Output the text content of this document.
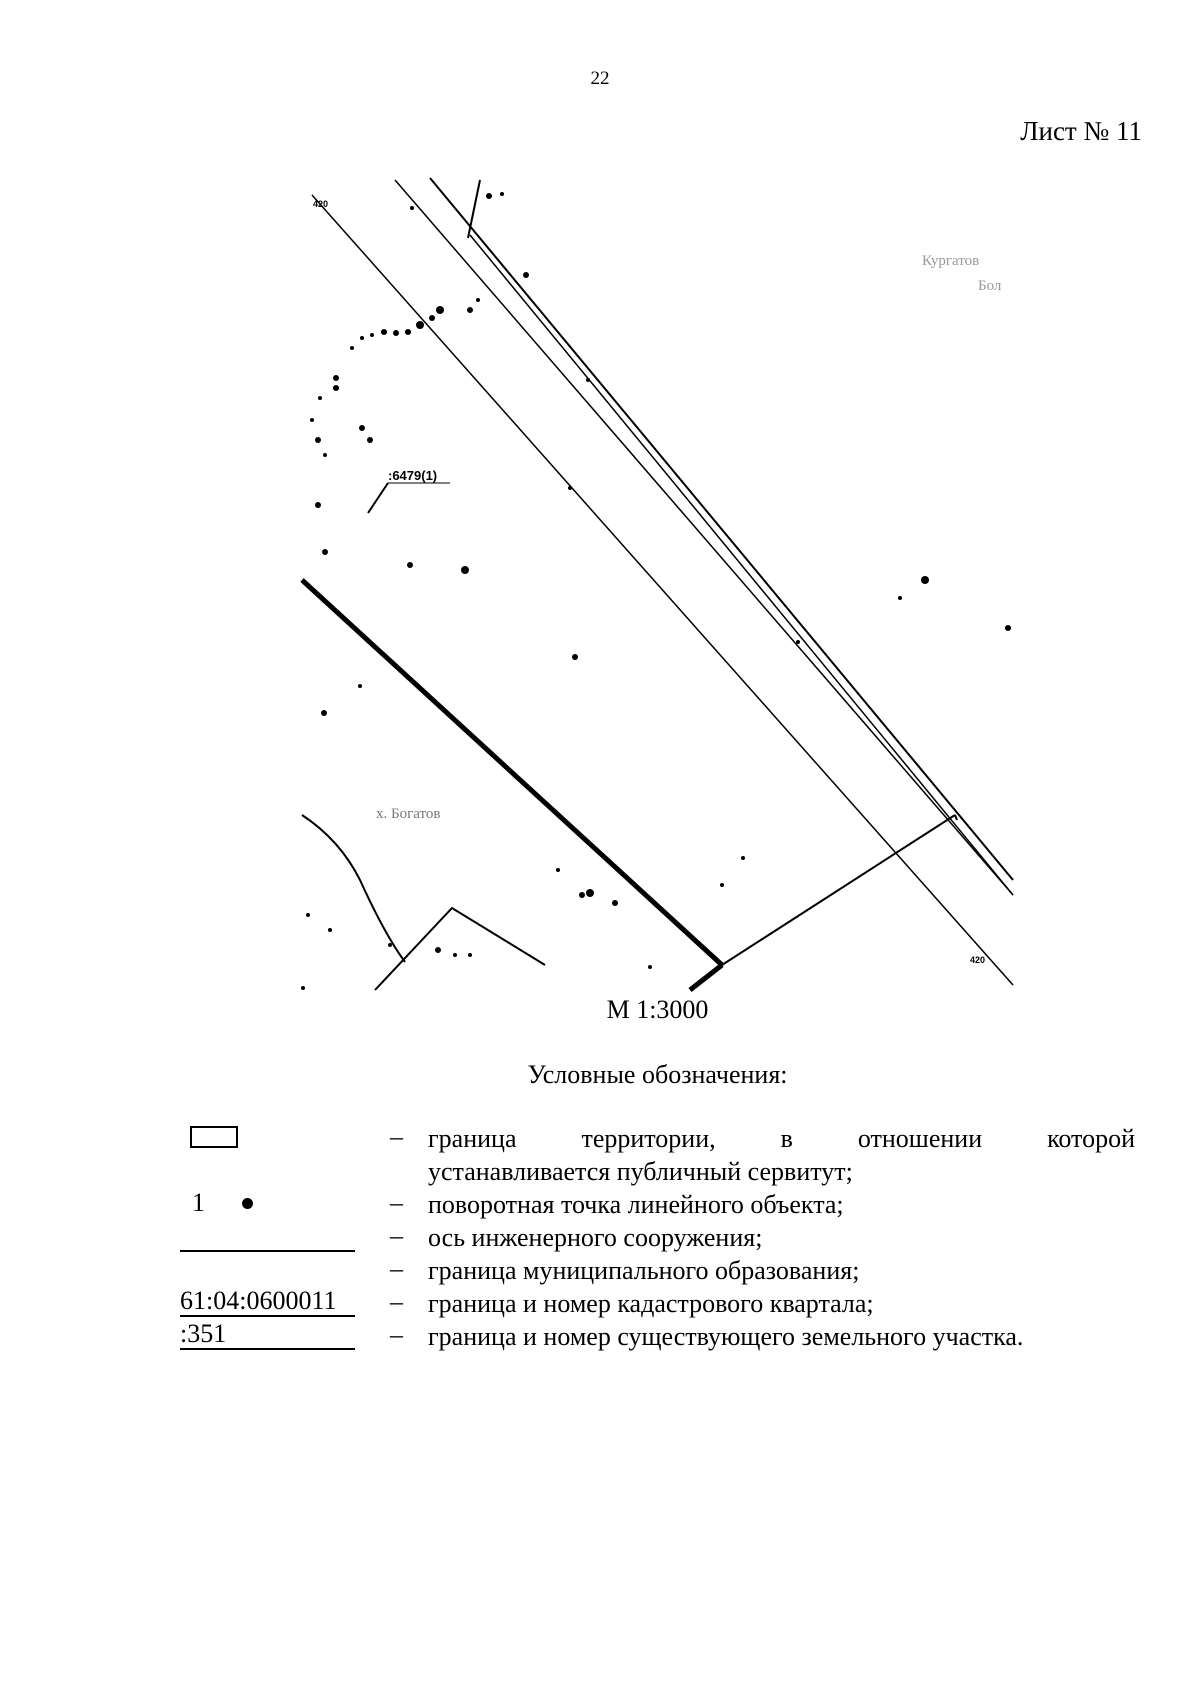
22
Лист № 11
420
420
:6479(1)
х. Богатов
Кургатов
Бол
М 1:3000
Условные обозначения:
– граница территории, в отношении которой
устанавливается публичный сервитут;
1	– поворотная точка линейного объекта;
– ось инженерного сооружения;
– граница муниципального образования;
61:04:0600011	– граница и номер кадастрового квартала;
:351	– граница и номер существующего земельного участка.
